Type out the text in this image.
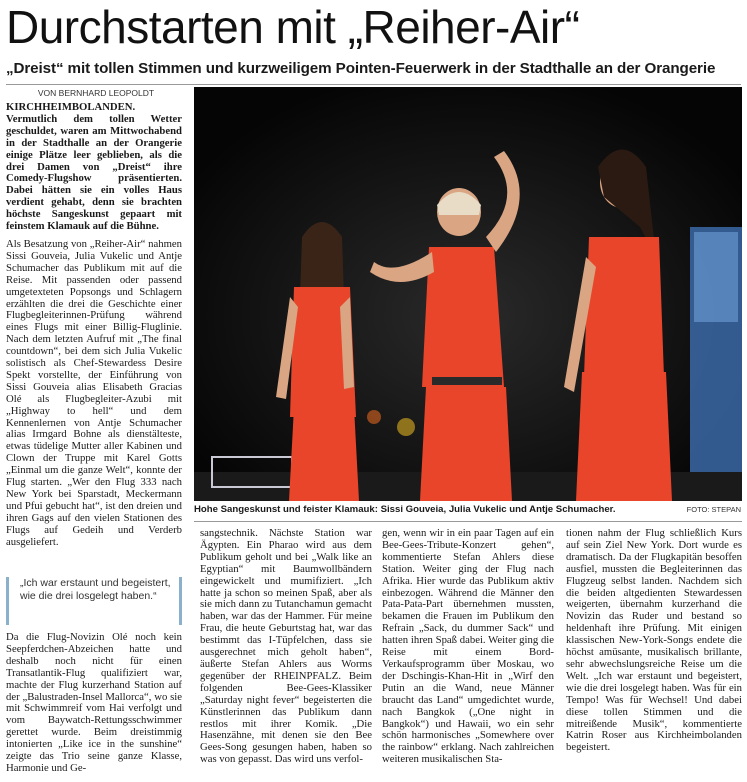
Durchstarten mit „Reiher-Air“
„Dreist“ mit tollen Stimmen und kurzweiligem Pointen-Feuerwerk in der Stadthalle an der Orangerie
VON BERNHARD LEOPOLDT

KIRCHHEIMBOLANDEN. Vermutlich dem tollen Wetter geschuldet, waren am Mittwochabend in der Stadthalle an der Orangerie einige Plätze leer geblieben, als die drei Damen von „Dreist“ ihre Comedy-Flugshow präsentierten. Dabei hätten sie ein volles Haus verdient gehabt, denn sie brachten höchste Sangeskunst gepaart mit feinstem Klamauk auf die Bühne.

Als Besatzung von „Reiher-Air“ nahmen Sissi Gouveia, Julia Vukelic und Antje Schumacher das Publikum mit auf die Reise. Mit passenden oder passend umgetexteten Popsongs und Schlagern erzählten die drei die Geschichte einer Flugbegleiterinnen-Prüfung während eines Flugs mit einer Billig-Fluglinie. Nach dem letzten Aufruf mit „The final countdown“, bei dem sich Julia Vukelic solistisch als Chef-Stewardess Desire Spekt vorstellte, der Einführung von Sissi Gouveia alias Elisabeth Gracias Olé als Flugbegleiter-Azubi mit „Highway to hell“ und dem Kennenlernen von Antje Schumacher alias Irmgard Bohne als dienstälteste, etwas tüdelige Mutter aller Kabinen und Clown der Truppe mit Karel Gotts „Einmal um die ganze Welt“, konnte der Flug starten. „Wer den Flug 333 nach New York bei Sparstadt, Meckermann und Pfui gebucht hat“, ist den dreien und ihren Gags auf den vielen Stationen des Flugs auf Gedeih und Verderb ausgeliefert.

„Ich war erstaunt und begeistert, wie die drei losgelegt haben.“

Da die Flug-Novizin Olé noch kein Seepferdchen-Abzeichen hatte und deshalb noch nicht für einen Transatlantik-Flug qualifiziert war, machte der Flug kurzerhand Station auf der „Balustraden-Insel Mallorca“, wo sie mit Schwimmreif vom Hai verfolgt und vom Baywatch-Rettungsschwimmer gerettet wurde. Beim dreistimmig intonierten „Like ice in the sunshine“ zeigte das Trio seine ganze Klasse, Harmonie und Ge-

Hohe Sangeskunst und feister Klamauk: Sissi Gouveia, Julia Vukelic und Antje Schumacher.	FOTO: STEPAN

sangstechnik. Nächste Station war Ägypten. Ein Pharao wird aus dem Publikum geholt und bei „Walk like an Egyptian“ mit Baumwollbändern eingewickelt und mumifiziert. „Ich hatte ja schon so meinen Spaß, aber als sie mich dann zu Tutanchamun gemacht haben, war das der Hammer. Für meine Frau, die heute Geburtstag hat, war das bestimmt das I-Tüpfelchen, dass sie ausgerechnet mich geholt haben“, äußerte Stefan Ahlers aus Worms gegenüber der RHEINPFALZ. Beim folgenden Bee-Gees-Klassiker „Saturday night fever“ begeisterten die Künstlerinnen das Publikum dann restlos mit ihrer Komik. „Die Hasenzähne, mit denen sie den Bee Gees-Song gesungen haben, haben so was von gepasst. Das wird uns verfol-

gen, wenn wir in ein paar Tagen auf ein Bee-Gees-Tribute-Konzert gehen“, kommentierte Stefan Ahlers diese Station. Weiter ging der Flug nach Afrika. Hier wurde das Publikum aktiv einbezogen. Während die Männer den Pata-Pata-Part übernehmen mussten, bekamen die Frauen im Publikum den Refrain „Sack, du dummer Sack“ und hatten ihren Spaß dabei. Weiter ging die Reise mit einem Bord-Verkaufsprogramm über Moskau, wo der Dschingis-Khan-Hit in „Wirf den Putin an die Wand, neue Männer braucht das Land“ umgedichtet wurde, nach Bangkok („One night in Bangkok“) und Hawaii, wo ein sehr schön harmonisches „Somewhere over the rainbow“ erklang. Nach zahlreichen weiteren musikalischen Sta-

tionen nahm der Flug schließlich Kurs auf sein Ziel New York. Dort wurde es dramatisch. Da der Flugkapitän besoffen ausfiel, mussten die Begleiterinnen das Flugzeug selbst landen. Nachdem sich die beiden altgedienten Stewardessen weigerten, übernahm kurzerhand die Novizin das Ruder und bestand so heldenhaft ihre Prüfung. Mit einigen klassischen New-York-Songs endete die höchst amüsante, musikalisch brillante, sehr abwechslungsreiche Reise um die Welt. „Ich war erstaunt und begeistert, wie die drei losgelegt haben. Was für ein Tempo! Was für Wechsel! Und dabei diese tollen Stimmen und die mitreißende Musik“, kommentierte Katrin Roser aus Kirchheimbolanden begeistert.
